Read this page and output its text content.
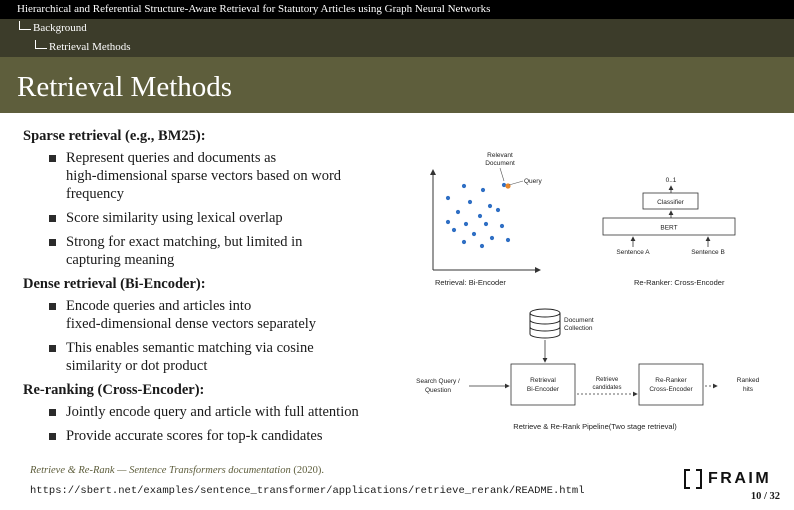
Hierarchical and Referential Structure-Aware Retrieval for Statutory Articles using Graph Neural Networks
Background
Retrieval Methods
Retrieval Methods
Sparse retrieval (e.g., BM25):
Represent queries and documents as
high-dimensional sparse vectors based on word
frequency
Score similarity using lexical overlap
Strong for exact matching, but limited in
capturing meaning
Dense retrieval (Bi-Encoder):
Encode queries and articles into
fixed-dimensional dense vectors separately
This enables semantic matching via cosine
similarity or dot product
Re-ranking (Cross-Encoder):
Jointly encode query and article with full attention
Provide accurate scores for top-k candidates
Relevant
Document
Query
Retrieval: Bi-Encoder
0..1
Classifier
BERT
Sentence A	Sentence B
Re-Ranker: Cross-Encoder
Document
Collection
Search Query /
Question
Retrieval
Bi-Encoder
Retrieve
candidates
Re-Ranker
Cross-Encoder
Ranked
hits
Retrieve & Re-Rank Pipeline(Two stage retrieval)
Retrieve & Re-Rank — Sentence Transformers documentation (2020).
https://sbert.net/examples/sentence_transformer/applications/retrieve_rerank/README.html
FRAIM
10 / 32
